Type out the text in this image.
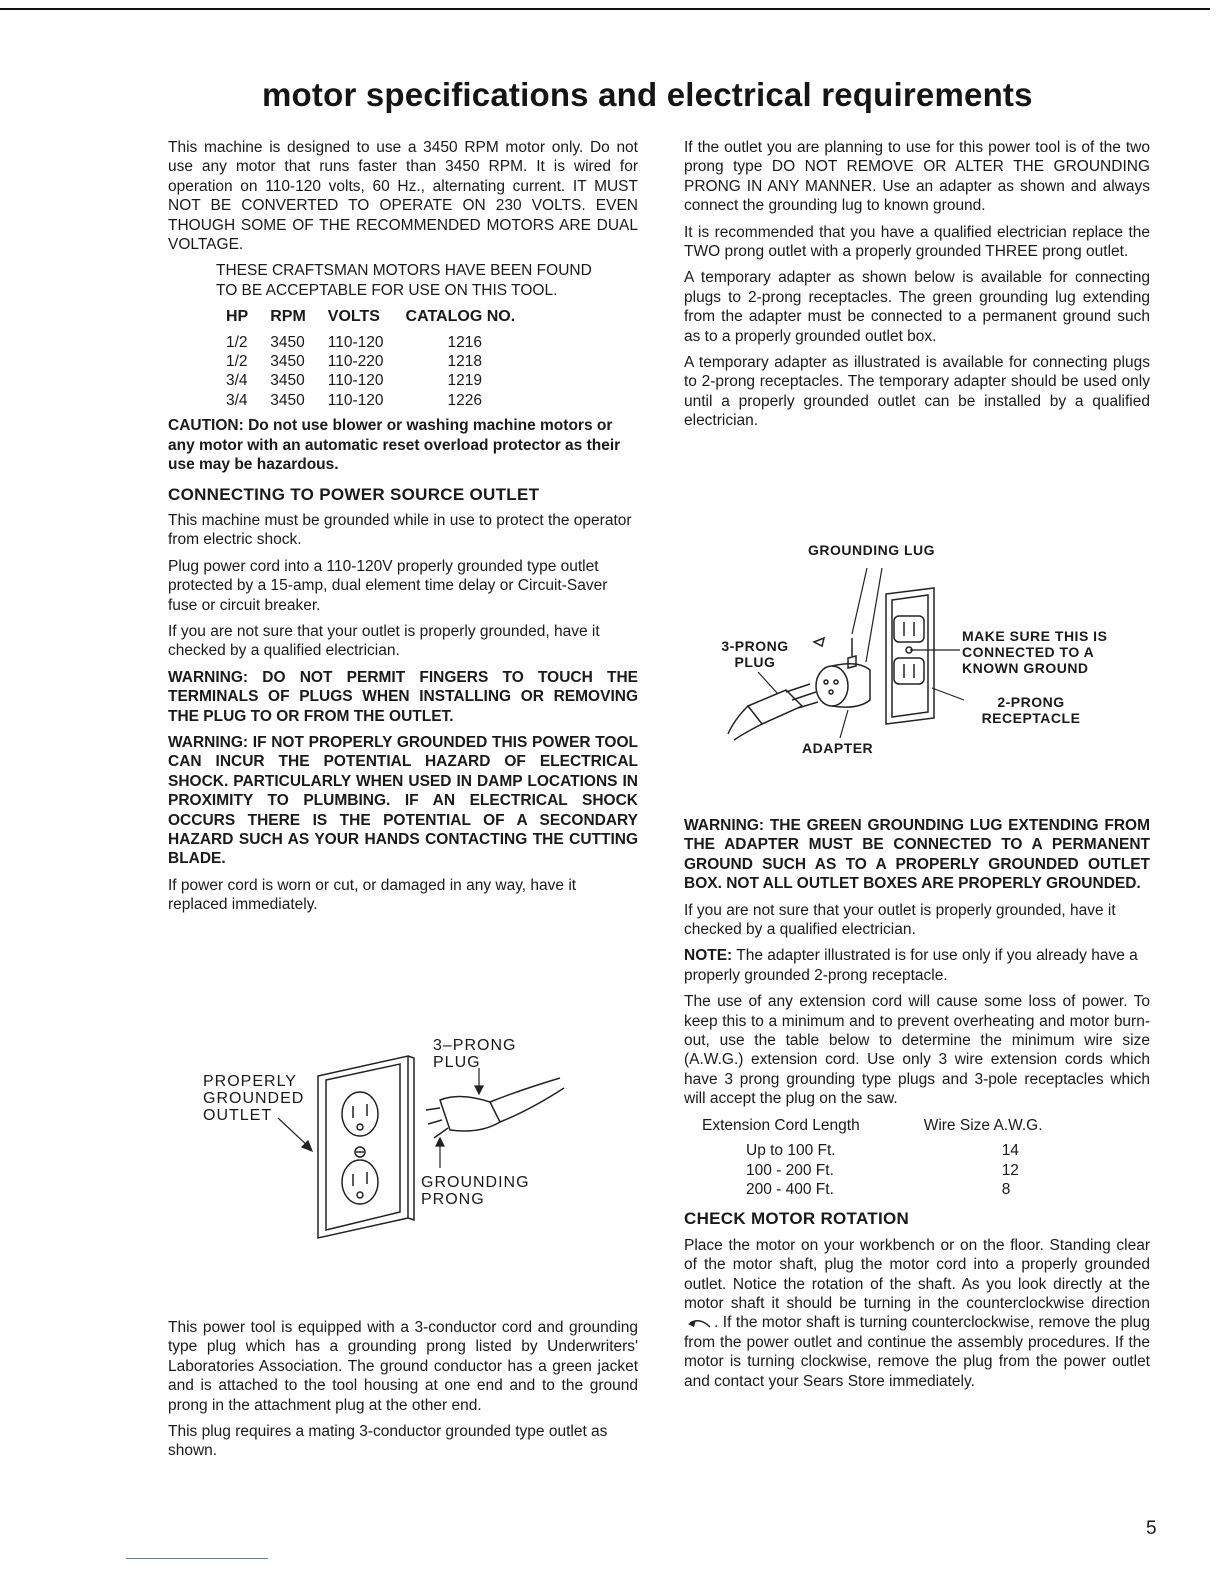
motor specifications and electrical requirements

This machine is designed to use a 3450 RPM motor only. Do not use any motor that runs faster than 3450 RPM. It is wired for operation on 110-120 volts, 60 Hz., alternating current. IT MUST NOT BE CONVERTED TO OPERATE ON 230 VOLTS. EVEN THOUGH SOME OF THE RECOMMENDED MOTORS ARE DUAL VOLTAGE.

THESE CRAFTSMAN MOTORS HAVE BEEN FOUND TO BE ACCEPTABLE FOR USE ON THIS TOOL.

HP	RPM	VOLTS	CATALOG NO.
1/2	3450	110-120	1216
1/2	3450	110-220	1218
3/4	3450	110-120	1219
3/4	3450	110-120	1226

CAUTION: Do not use blower or washing machine motors or any motor with an automatic reset overload protector as their use may be hazardous.

CONNECTING TO POWER SOURCE OUTLET

This machine must be grounded while in use to protect the operator from electric shock.

Plug power cord into a 110-120V properly grounded type outlet protected by a 15-amp, dual element time delay or Circuit-Saver fuse or circuit breaker.

If you are not sure that your outlet is properly grounded, have it checked by a qualified electrician.

WARNING: DO NOT PERMIT FINGERS TO TOUCH THE TERMINALS OF PLUGS WHEN INSTALLING OR REMOVING THE PLUG TO OR FROM THE OUTLET.

WARNING: IF NOT PROPERLY GROUNDED THIS POWER TOOL CAN INCUR THE POTENTIAL HAZARD OF ELECTRICAL SHOCK. PARTICULARLY WHEN USED IN DAMP LOCATIONS IN PROXIMITY TO PLUMBING. IF AN ELECTRICAL SHOCK OCCURS THERE IS THE POTENTIAL OF A SECONDARY HAZARD SUCH AS YOUR HANDS CONTACTING THE CUTTING BLADE.

If power cord is worn or cut, or damaged in any way, have it replaced immediately.

PROPERLY GROUNDED OUTLET
3–PRONG PLUG
GROUNDING PRONG

This power tool is equipped with a 3-conductor cord and grounding type plug which has a grounding prong listed by Underwriters' Laboratories Association. The ground conductor has a green jacket and is attached to the tool housing at one end and to the ground prong in the attachment plug at the other end.

This plug requires a mating 3-conductor grounded type outlet as shown.

If the outlet you are planning to use for this power tool is of the two prong type DO NOT REMOVE OR ALTER THE GROUNDING PRONG IN ANY MANNER. Use an adapter as shown and always connect the grounding lug to known ground.

It is recommended that you have a qualified electrician replace the TWO prong outlet with a properly grounded THREE prong outlet.

A temporary adapter as shown below is available for connecting plugs to 2-prong receptacles. The green grounding lug extending from the adapter must be connected to a permanent ground such as to a properly grounded outlet box.

A temporary adapter as illustrated is available for connecting plugs to 2-prong receptacles. The temporary adapter should be used only until a properly grounded outlet can be installed by a qualified electrician.

GROUNDING LUG
3-PRONG PLUG
MAKE SURE THIS IS CONNECTED TO A KNOWN GROUND
2-PRONG RECEPTACLE
ADAPTER

WARNING: THE GREEN GROUNDING LUG EXTENDING FROM THE ADAPTER MUST BE CONNECTED TO A PERMANENT GROUND SUCH AS TO A PROPERLY GROUNDED OUTLET BOX. NOT ALL OUTLET BOXES ARE PROPERLY GROUNDED.

If you are not sure that your outlet is properly grounded, have it checked by a qualified electrician.

NOTE: The adapter illustrated is for use only if you already have a properly grounded 2-prong receptacle.

The use of any extension cord will cause some loss of power. To keep this to a minimum and to prevent overheating and motor burn-out, use the table below to determine the minimum wire size (A.W.G.) extension cord. Use only 3 wire extension cords which have 3 prong grounding type plugs and 3-pole receptacles which will accept the plug on the saw.

Extension Cord Length	Wire Size A.W.G.
Up to 100 Ft.	14
100 - 200 Ft.	12
200 - 400 Ft.	8
CHECK MOTOR ROTATION

Place the motor on your workbench or on the floor. Standing clear of the motor shaft, plug the motor cord into a properly grounded outlet. Notice the rotation of the shaft. As you look directly at the motor shaft it should be turning in the counterclockwise direction. If the motor shaft is turning counterclockwise, remove the plug from the power outlet and continue the assembly procedures. If the motor is turning clockwise, remove the plug from the power outlet and contact your Sears Store immediately.

5
